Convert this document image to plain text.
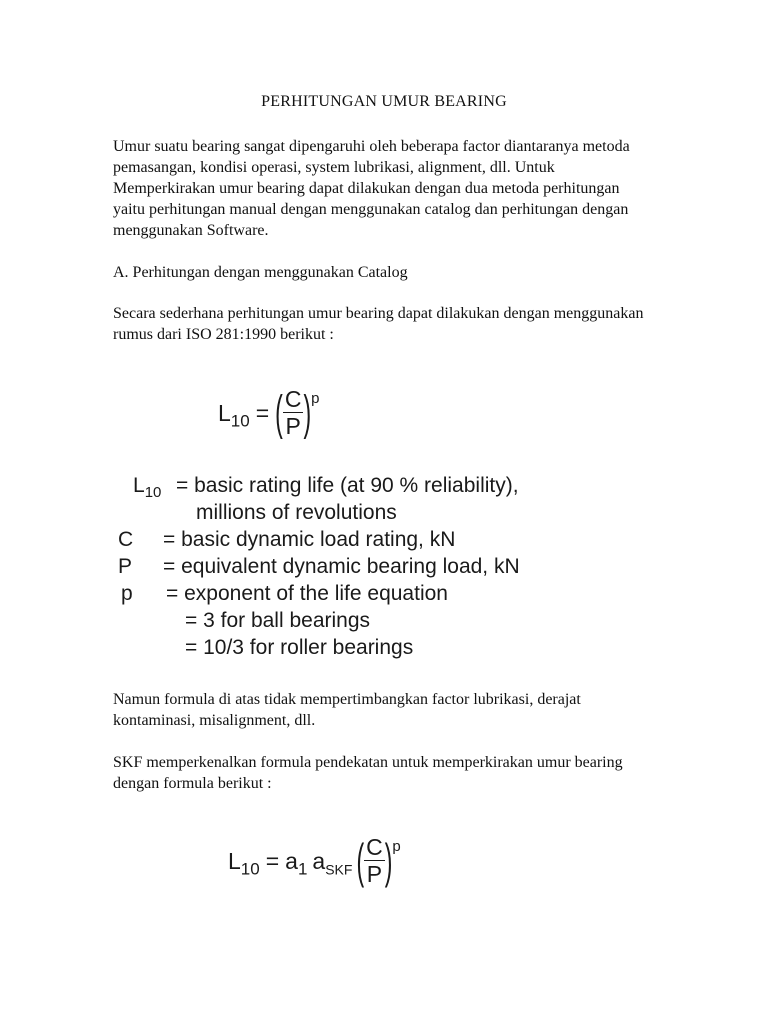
PERHITUNGAN UMUR BEARING

Umur suatu bearing sangat dipengaruhi oleh beberapa factor diantaranya metoda pemasangan, kondisi operasi, system lubrikasi, alignment, dll. Untuk Memperkirakan umur bearing dapat dilakukan dengan dua metoda perhitungan yaitu perhitungan manual dengan menggunakan catalog dan perhitungan dengan menggunakan Software.

A. Perhitungan dengan menggunakan Catalog

Secara sederhana perhitungan umur bearing dapat dilakukan dengan menggunakan rumus dari ISO 281:1990 berikut :

$L_{10}$ = ( $\frac{C}{P} )^p$
$L_{10}$ = basic rating life (at 90 % reliability),
millions of revolutions
C = basic dynamic load rating, kN
P = equivalent dynamic bearing load, kN
p = exponent of the life equation
= 3 for ball bearings
= 10/3 for roller bearings

Namun formula di atas tidak mempertimbangkan factor lubrikasi, derajat kontaminasi, misalignment, dll.

SKF memperkenalkan formula pendekatan untuk memperkirakan umur bearing dengan formula berikut :

$L_{10} = a_1$ $a_{SKF}$ ( $\frac{C}{P} )^p$
